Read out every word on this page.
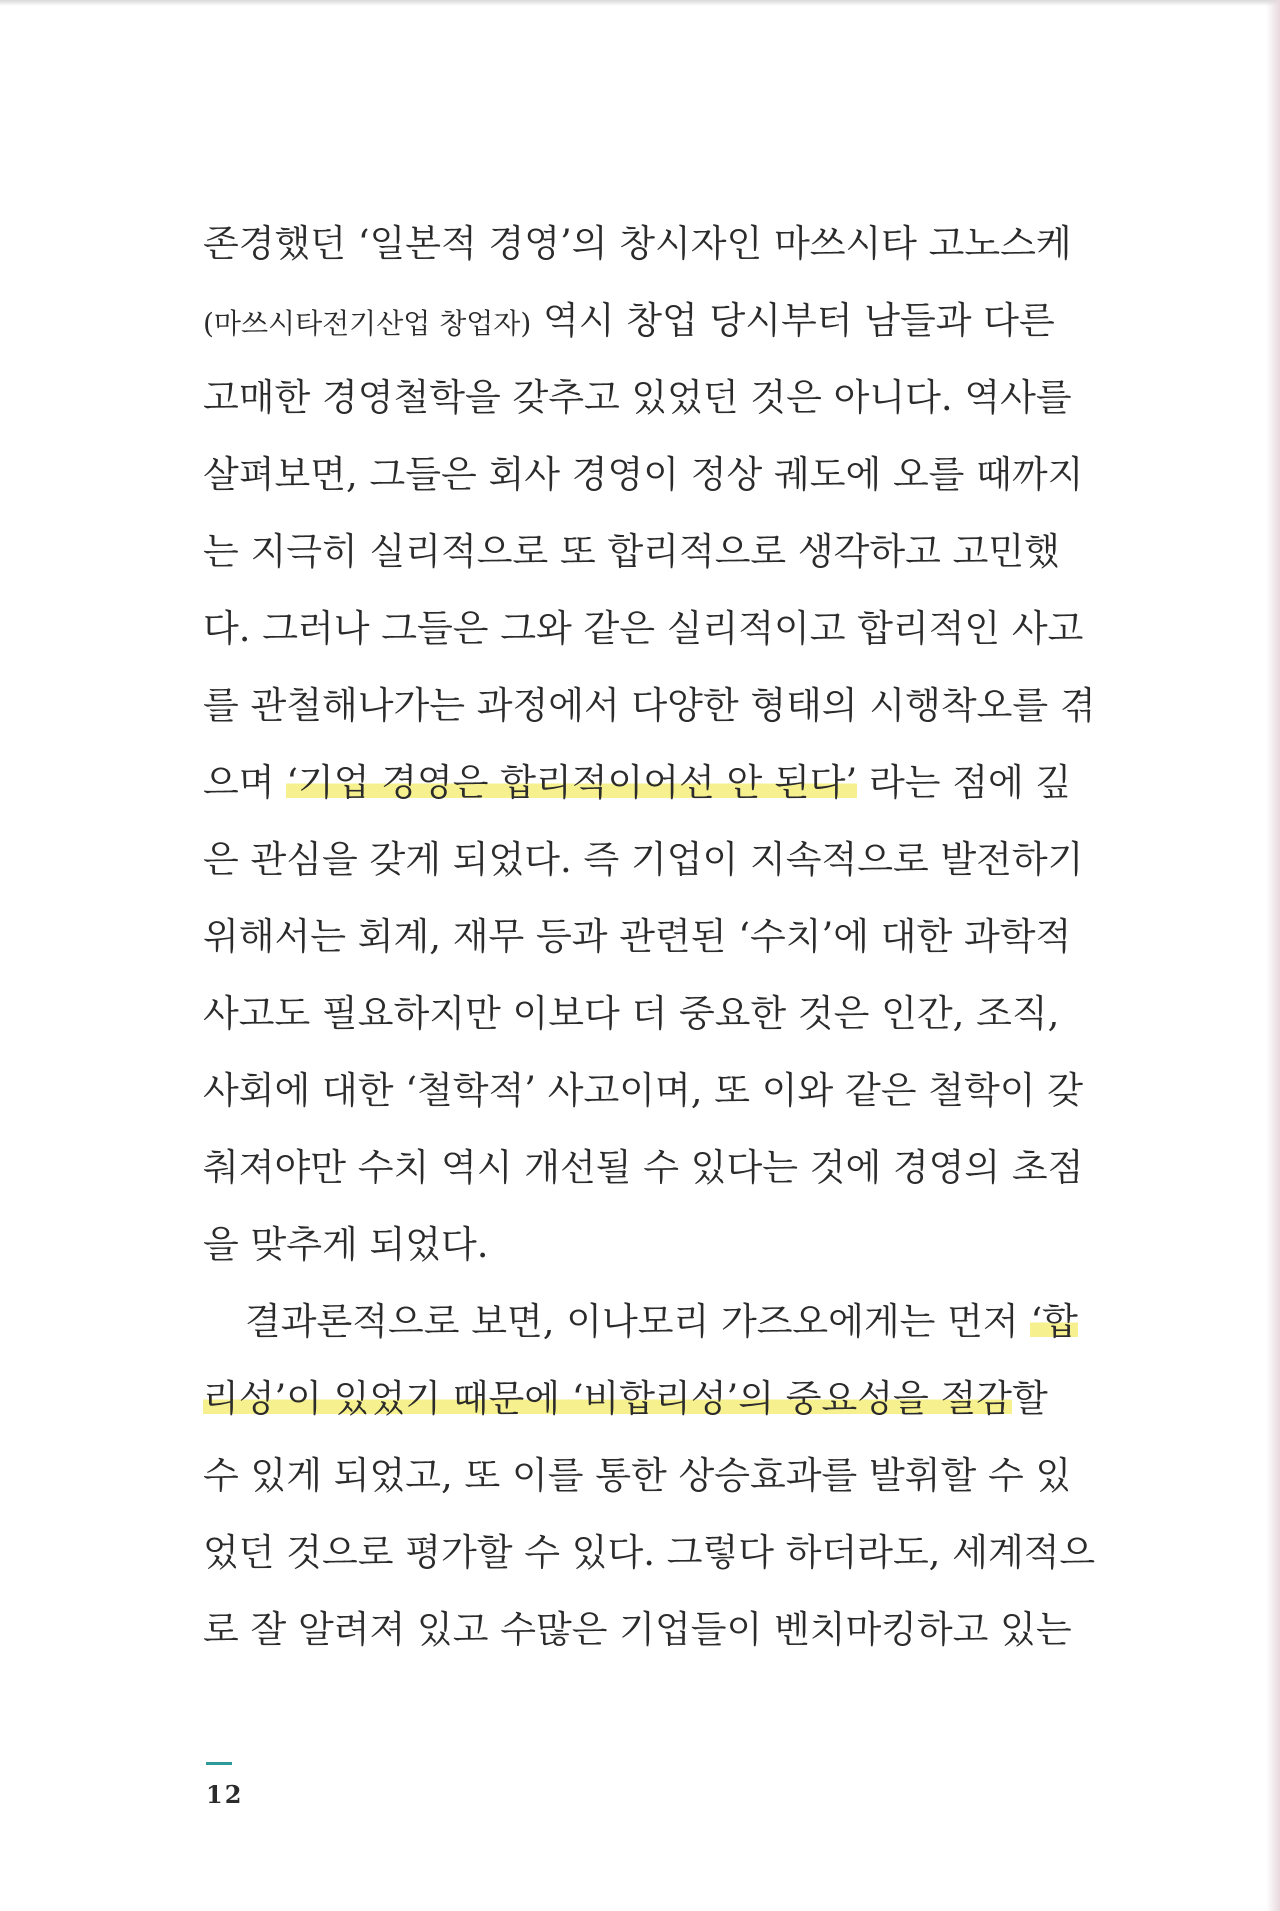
존경했던 ‘일본적 경영’의 창시자인 마쓰시타 고노스케
(마쓰시타전기산업 창업자) 역시 창업 당시부터 남들과 다른
고매한 경영철학을 갖추고 있었던 것은 아니다. 역사를
살펴보면, 그들은 회사 경영이 정상 궤도에 오를 때까지
는 지극히 실리적으로 또 합리적으로 생각하고 고민했
다. 그러나 그들은 그와 같은 실리적이고 합리적인 사고
를 관철해나가는 과정에서 다양한 형태의 시행착오를 겪
으며 ‘기업 경영은 합리적이어선 안 된다’ 라는 점에 깊
은 관심을 갖게 되었다. 즉 기업이 지속적으로 발전하기
위해서는 회계, 재무 등과 관련된 ‘수치’에 대한 과학적
사고도 필요하지만 이보다 더 중요한 것은 인간, 조직,
사회에 대한 ‘철학적’ 사고이며, 또 이와 같은 철학이 갖
춰져야만 수치 역시 개선될 수 있다는 것에 경영의 초점
을 맞추게 되었다.
결과론적으로 보면, 이나모리 가즈오에게는 먼저 ‘합
리성’이 있었기 때문에 ‘비합리성’의 중요성을 절감할
수 있게 되었고, 또 이를 통한 상승효과를 발휘할 수 있
었던 것으로 평가할 수 있다. 그렇다 하더라도, 세계적으
로 잘 알려져 있고 수많은 기업들이 벤치마킹하고 있는
12
